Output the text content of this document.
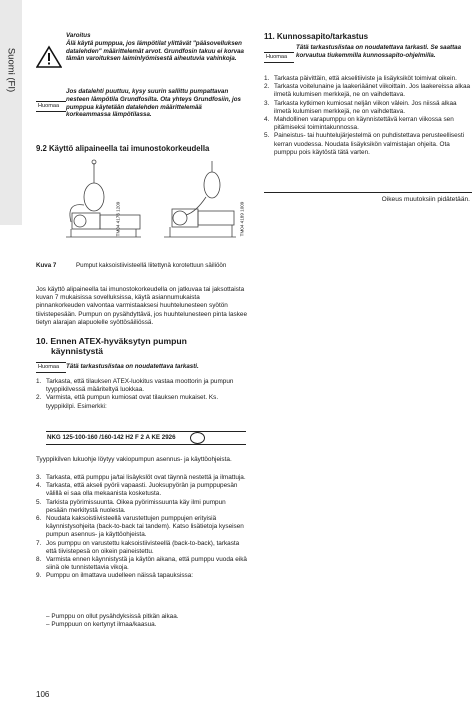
Suomi (FI)
Varoitus
Älä käytä pumppua, jos lämpötilat ylittävät "pääsovelluksen datalehden" määrittelemät arvot. Grundfosin takuu ei korvaa tämän varoituksen laiminlyömisestä aiheutuvia vahinkoja.
Huomaa
Jos datalehti puuttuu, kysy suurin sallittu pumpattavan nesteen lämpötila Grundfosilta. Ota yhteys Grundfosiin, jos pumppua käytetään datalehden määrittelemää korkeammassa lämpötilassa.
9.2 Käyttö alipaineella tai imunostokorkeudella
TM04 4176 1209	TM04 4189 1009
Kuva 7	Pumput kaksoistiivisteellä liitettynä korotettuun säiliöön
Jos käyttö alipaineella tai imunostokorkeudella on jatkuvaa tai jaksottaista kuvan 7 mukaisissa sovelluksissa, käytä asiannumukaista pinnankorkeuden valvontaa varmistaaksesi huuhtelunesteen syötön tiivistepesään. Pumpun on pysähdyttävä, jos huuhtelunesteen pinta laskee tietyn alarajan alapuolelle syöttösäiliössä.
10. Ennen ATEX-hyväksytyn pumpun
käynnistystä
Huomaa	Tätä tarkastuslistaa on noudatettava tarkasti.
1. Tarkasta, että tilauksen ATEX-luokitus vastaa moottorin ja pumpun tyyppikilvessä määriteltyä luokkaa.
2. Varmista, että pumpun kumiosat ovat tilauksen mukaiset. Ks. tyyppikilpi. Esimerkki:
NKG 125-100-160 /160-142 H2 F 2 A KE 2926
Tyyppikilven lukuohje löytyy vakiopumpun asennus- ja käyttöohjeista.
3. Tarkasta, että pumppu ja/tai lisäykslöt ovat täynnä nestettä ja ilmattuja.
4. Tarkasta, että akseli pyörii vapaasti. Juoksupyörän ja pumppupesän välillä ei saa olla mekaanista kosketusta.
5. Tarkista pyörimissuunta. Oikea pyörimissuunta käy ilmi pumpun pesään merkitystä nuolesta.
6. Noudata kaksoistiivisteellä varustettujen pumppujen erityisiä käynnistysohjeita (back-to-back tai tandem). Katso lisätietoja kyseisen pumpun asennus- ja käyttöohjeista.
7. Jos pumppu on varustettu kaksoistiivisteellä (back-to-back), tarkasta että tiivistepesä on oikein paineistettu.
8. Varmista ennen käynnistystä ja käytön aikana, että pumppu vuoda eikä siinä ole tunnistettavia vikoja.
9. Pumppu on ilmattava uudelleen näissä tapauksissa:
– Pumppu on ollut pysähdyksissä pitkän aikaa.
– Pumppuun on kertynyt ilmaa/kaasua.
11. Kunnossapito/tarkastus
Huomaa
Tätä tarkastuslistaa on noudatettava tarkasti. Se saattaa korvautua tiukemmilla kunnossapito-ohjelmilla.
1. Tarkasta päivittäin, että akselitiiviste ja lisäyksiköt toimivat oikein.
2. Tarkasta voitelunaine ja laakeriäänet viikoittain. Jos laakereissa alkaa ilmetä kulumisen merkkejä, ne on vaihdettava.
3. Tarkasta kytkimen kumiosat neljän viikon välein. Jos niissä alkaa ilmetä kulumisen merkkejä, ne on vaihdettava.
4. Mahdollinen varapumppu on käynnistettävä kerran viikossa sen pitämiseksi toimintakunnossa.
5. Paineistus- tai huuhtelujärjestelmä on puhdistettava perusteellisesti kerran vuodessa. Noudata lisäyksikön valmistajan ohjeita. Ota pumppu pois käytöstä tätä varten.
Oikeus muutoksiin pidätetään.
106
